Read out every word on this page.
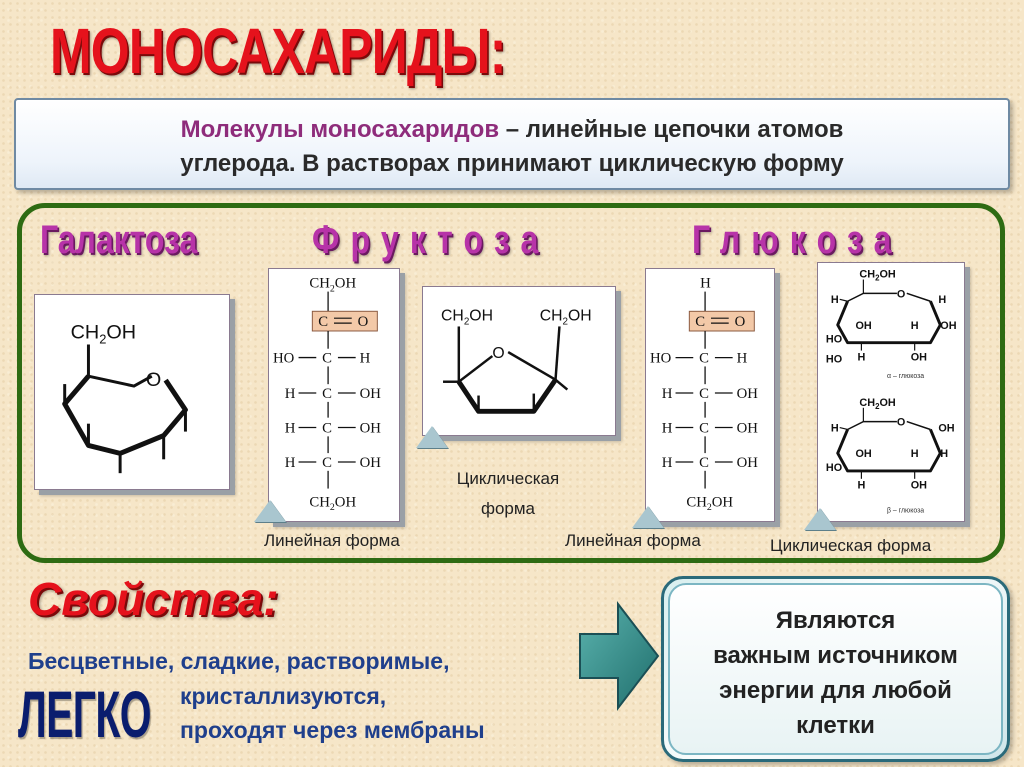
МОНОСАХАРИДЫ:
Молекулы моносахаридов – линейные цепочки атомов
углерода. В растворах принимают циклическую форму
Галактоза	Фруктоза	Глюкоза
$CH_2OH$
O
$CH_2OH$
C O
HO C H
H C OH
H C OH
H C OH
$CH_2OH$
$CH_2OH$	$CH_2OH$
O
H
C O
HO C H
H C OH
H C OH
H C OH
$CH_2OH$
$CH_2OH$
H	O	H
HO
OH	H OH
H	OH
HO
α – глюкоза
$CH_2OH$
H	O	OH
HO
OH	H H
H	OH
β – глюкоза
Линейная форма
Циклическая
форма
Линейная форма	Циклическая форма
Свойства:
Бесцветные, сладкие, растворимые,
ЛЕГКО кристаллизуются,
проходят через мембраны
Являются
важным источником
энергии для любой
клетки
